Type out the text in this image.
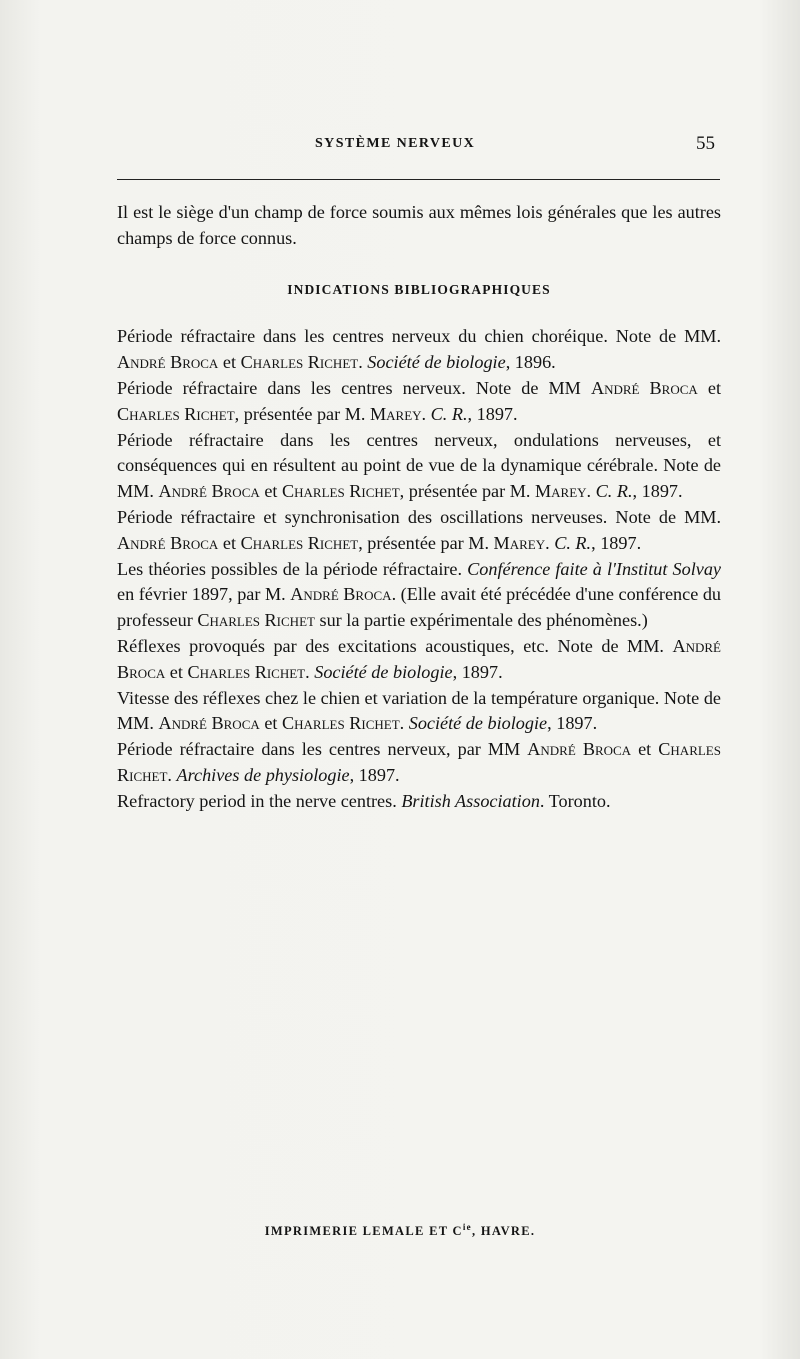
SYSTÈME NERVEUX	55

Il est le siège d'un champ de force soumis aux mêmes lois générales que les autres champs de force connus.

INDICATIONS BIBLIOGRAPHIQUES

Période réfractaire dans les centres nerveux du chien choréique. Note de MM. André Broca et Charles Richet. Société de biologie, 1896.

Période réfractaire dans les centres nerveux. Note de MM André Broca et Charles Richet, présentée par M. Marey. C. R., 1897.

Période réfractaire dans les centres nerveux, ondulations nerveuses, et conséquences qui en résultent au point de vue de la dynamique cérébrale. Note de MM. André Broca et Charles Richet, présentée par M. Marey. C. R., 1897.

Période réfractaire et synchronisation des oscillations nerveuses. Note de MM. André Broca et Charles Richet, présentée par M. Marey. C. R., 1897.

Les théories possibles de la période réfractaire. Conférence faite à l'Institut Solvay en février 1897, par M. André Broca. (Elle avait été précédée d'une conférence du professeur Charles Richet sur la partie expérimentale des phénomènes.)

Réflexes provoqués par des excitations acoustiques, etc. Note de MM. André Broca et Charles Richet. Société de biologie, 1897.

Vitesse des réflexes chez le chien et variation de la température organique. Note de MM. André Broca et Charles Richet. Société de biologie, 1897.

Période réfractaire dans les centres nerveux, par MM André Broca et Charles Richet. Archives de physiologie, 1897.

Refractory period in the nerve centres. British Association. Toronto.

IMPRIMERIE LEMALE ET $C^{ie}$, HAVRE.
